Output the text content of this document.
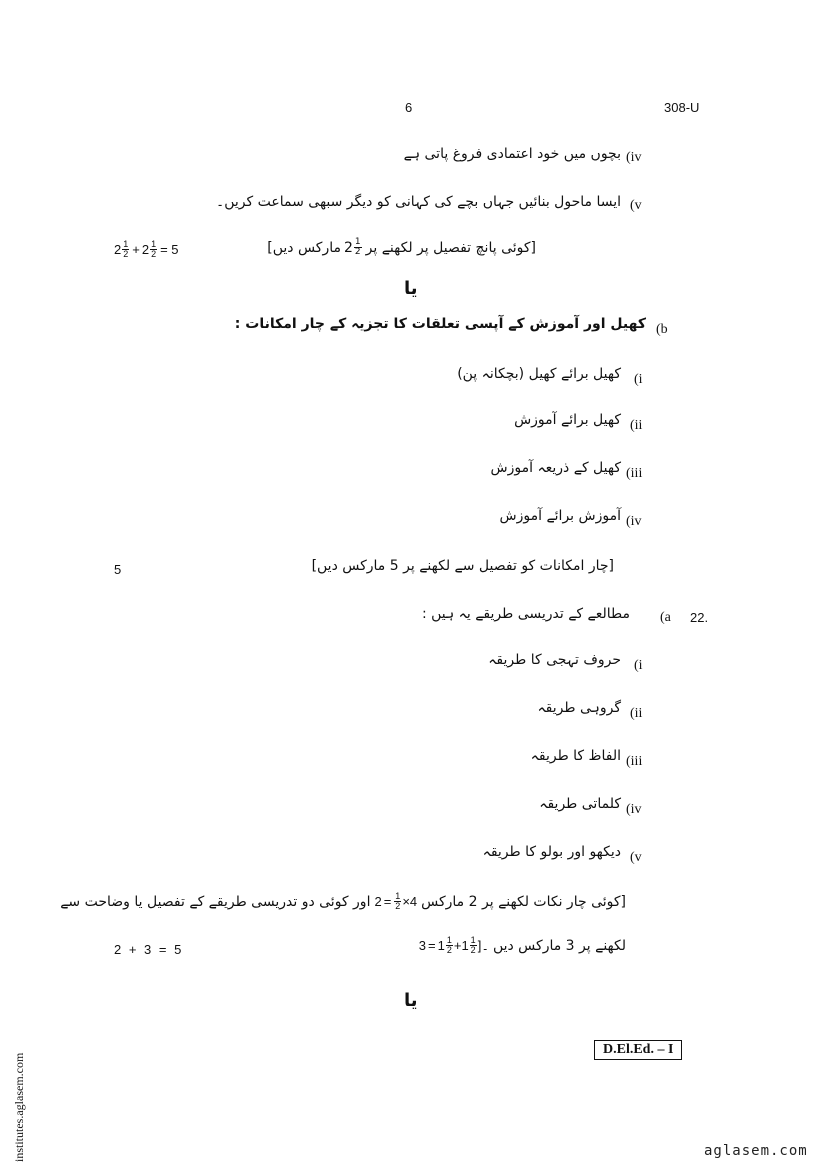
6	308-U
بچوں میں خود اعتمادی فروغ پاتی ہے (iv
ایسا ماحول بنائیں جہاں بچے کی کہانی کو دیگر سبھی سماعت کریں۔ (v
[کوئی پانچ تفصیل پر لکھنے پر
$2 \frac{1}{2}$
مارکس دیں]
$2 \frac{1}{2} + 2 \frac{1}{2} = 5$
یا
کھیل اور آموزش کے آپسی تعلقات کا تجزیہ کے چار امکانات : (b
کھیل برائے کھیل (بچکانہ پن) (i
کھیل برائے آموزش (ii
کھیل کے ذریعہ آموزش (iii
آموزش برائے آموزش (iv
[چار امکانات کو تفصیل سے لکھنے پر 5 مارکس دیں]
5
مطالعے کے تدریسی طریقے یہ ہیں : (a 22.
حروف تہجی کا طریقہ (i
گروہی طریقہ (ii
الفاظ کا طریقہ (iii
کلماتی طریقہ (iv
دیکھو اور بولو کا طریقہ (v
[کوئی چار نکات لکھنے پر 2 مارکس
$2 = \frac{1}{2} \times 4$
اور کوئی دو تدریسی طریقے کے تفصیل یا وضاحت سے
لکھنے پر 3 مارکس دیں
$3 = 1 \frac{1}{2} + 1 \frac{1}{2}$ ]۔
2 + 3 = 5
یا
D.El.Ed. – I
institutes.aglasem.com	aglasem.com
